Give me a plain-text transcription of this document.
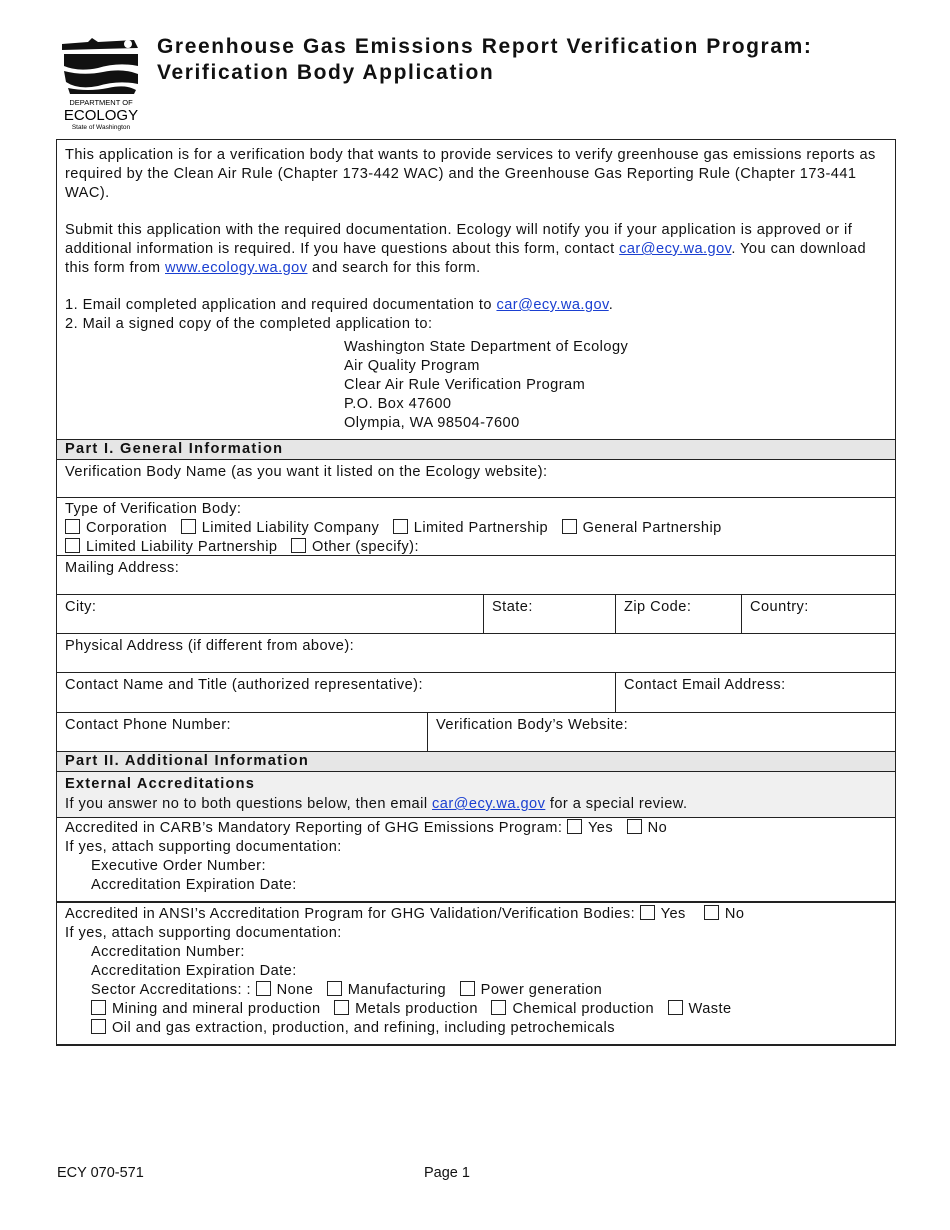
DEPARTMENT OF
ECOLOGY
State of Washington
Greenhouse Gas Emissions Report Verification Program:
Verification Body Application

This application is for a verification body that wants to provide services to verify greenhouse gas emissions reports as required by the Clean Air Rule (Chapter 173-442 WAC) and the Greenhouse Gas Reporting Rule (Chapter 173-441 WAC).

Submit this application with the required documentation. Ecology will notify you if your application is approved or if additional information is required. If you have questions about this form, contact car@ecy.wa.gov. You can download this form from www.ecology.wa.gov and search for this form.

1. Email completed application and required documentation to car@ecy.wa.gov.

2. Mail a signed copy of the completed application to:

Washington State Department of Ecology
Air Quality Program
Clear Air Rule Verification Program
P.O. Box 47600
Olympia, WA 98504-7600
Part I. General Information
Verification Body Name (as you want it listed on the Ecology website):
Type of Verification Body:
Corporation Limited Liability Company Limited Partnership General Partnership
Limited Liability Partnership Other (specify):
Mailing Address:
City:	State:	Zip Code:	Country:
Physical Address (if different from above):
Contact Name and Title (authorized representative):	Contact Email Address:
Contact Phone Number:	Verification Body’s Website:
Part II. Additional Information
External Accreditations
If you answer no to both questions below, then email car@ecy.wa.gov for a special review.
Accredited in CARB’s Mandatory Reporting of GHG Emissions Program: Yes No
If yes, attach supporting documentation:
Executive Order Number:
Accreditation Expiration Date:
Accredited in ANSI’s Accreditation Program for GHG Validation/Verification Bodies: Yes	No
If yes, attach supporting documentation:
Accreditation Number:
Accreditation Expiration Date:
Sector Accreditations: : None Manufacturing Power generation
Mining and mineral production Metals production Chemical production Waste
Oil and gas extraction, production, and refining, including petrochemicals
ECY 070-571	Page 1
